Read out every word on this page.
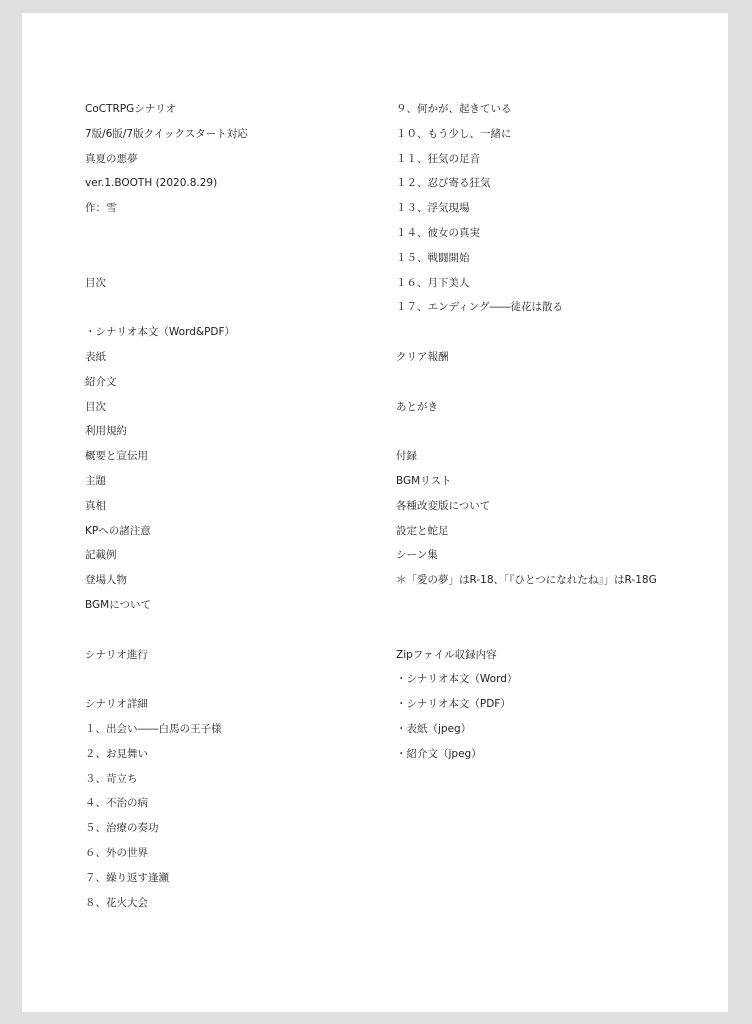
CoCTRPGシナリオ
7版/6版/7版クイックスタート対応
真夏の悪夢
ver.1.BOOTH (2020.8.29)
作：雪
目次
・シナリオ本文（Word&PDF）
表紙
紹介文
目次
利用規約
概要と宣伝用
主題
真相
KPへの諸注意
記載例
登場人物
BGMについて
シナリオ進行
シナリオ詳細
１、出会い――白馬の王子様
２、お見舞い
３、苛立ち
４、不治の病
５、治療の奏功
６、外の世界
７、繰り返す逢瀬
８、花火大会
９、何かが、起きている
１０、もう少し、一緒に
１１、狂気の足音
１２、忍び寄る狂気
１３、浮気現場
１４、彼女の真実
１５、戦闘開始
１６、月下美人
１７、エンディング――徒花は散る
クリア報酬
あとがき
付録
BGMリスト
各種改変版について
設定と蛇足
シーン集
＊「愛の夢」はR-18、「『ひとつになれたね』」はR-18G
Zipファイル収録内容
・シナリオ本文（Word）
・シナリオ本文（PDF）
・表紙（jpeg）
・紹介文（jpeg）
